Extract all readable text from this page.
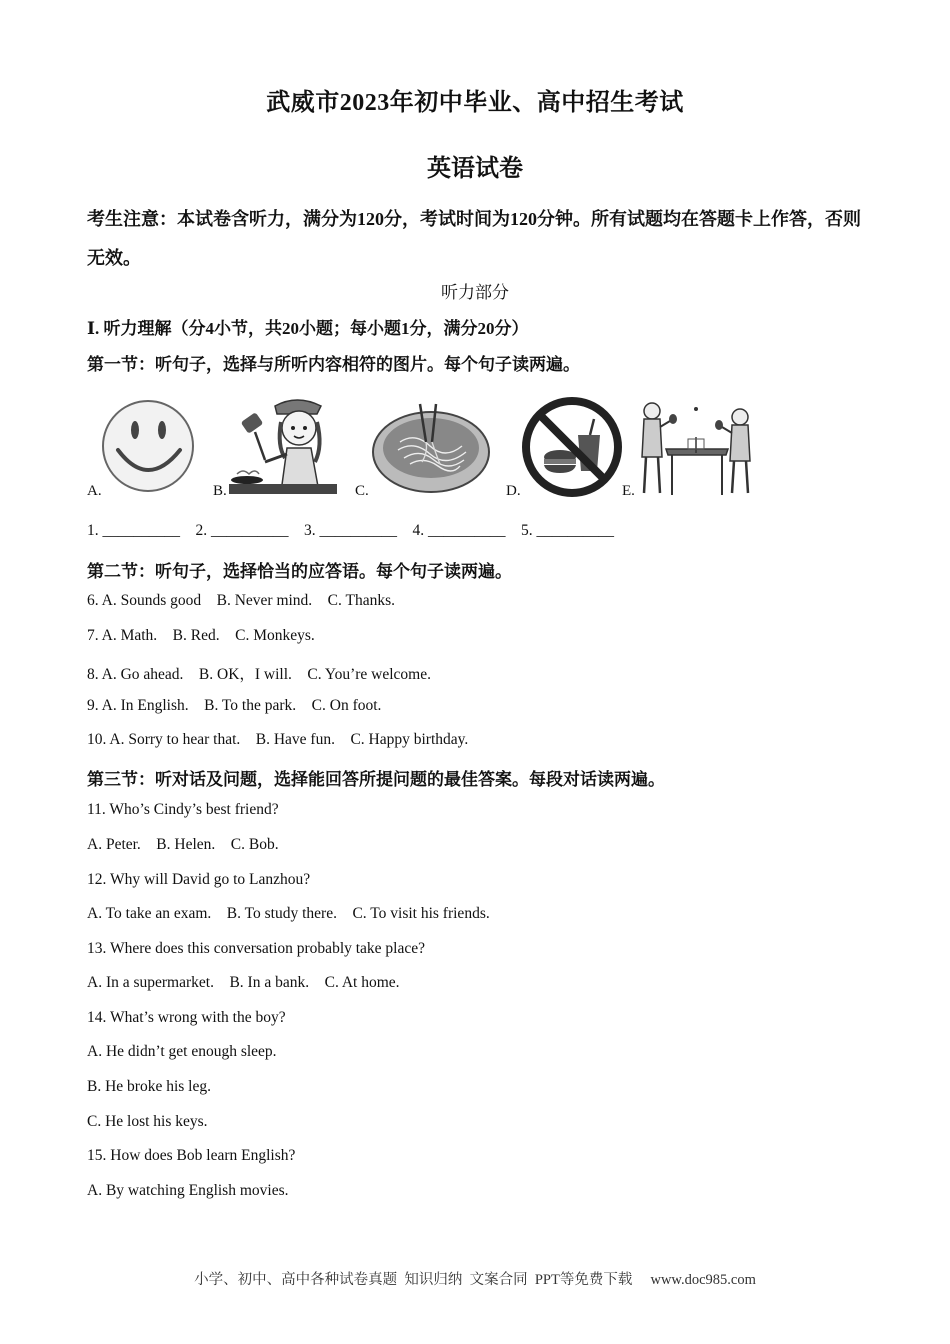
武威市2023年初中毕业、高中招生考试
英语试卷
考生注意：本试卷含听力，满分为120分，考试时间为120分钟。所有试题均在答题卡上作答，否则无效。
听力部分
Ⅰ. 听力理解（分4小节，共20小题；每小题1分，满分20分）
第一节：听句子，选择与所听内容相符的图片。每个句子读两遍。
A.	B.	C.	D.	E.
1. __________    2. __________    3. __________    4. __________    5. __________
第二节：听句子，选择恰当的应答语。每个句子读两遍。
6. A. Sounds good    B. Never mind.    C. Thanks.
7. A. Math.    B. Red.    C. Monkeys.
8. A. Go ahead.    B. OK，I will.    C. You’re welcome.
9. A. In English.    B. To the park.    C. On foot.
10. A. Sorry to hear that.    B. Have fun.    C. Happy birthday.
第三节：听对话及问题，选择能回答所提问题的最佳答案。每段对话读两遍。
11. Who’s Cindy’s best friend?
A. Peter.    B. Helen.    C. Bob.
12. Why will David go to Lanzhou?
A. To take an exam.    B. To study there.    C. To visit his friends.
13. Where does this conversation probably take place?
A. In a supermarket.    B. In a bank.    C. At home.
14. What’s wrong with the boy?
A. He didn’t get enough sleep.
B. He broke his leg.
C. He lost his keys.
15. How does Bob learn English?
A. By watching English movies.
小学、初中、高中各种试卷真题  知识归纳  文案合同  PPT等免费下载     www.doc985.com
